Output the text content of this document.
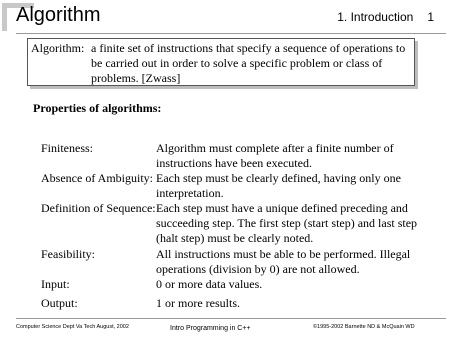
Algorithm	1. Introduction 1
Algorithm: a finite set of instructions that specify a sequence of operations to be carried out in order to solve a specific problem or class of problems. [Zwass]
Properties of algorithms:
Finiteness:	Algorithm must complete after a finite number of instructions have been executed.
Absence of Ambiguity: Each step must be clearly defined, having only one interpretation.
Definition of Sequence: Each step must have a unique defined preceding and succeeding step. The first step (start step) and last step (halt step) must be clearly noted.
Feasibility:	All instructions must be able to be performed. Illegal operations (division by 0) are not allowed.
Input:	0 or more data values.
Output:	1 or more results.
Computer Science Dept Va Tech August, 2002	Intro Programming in C++	©1995-2002 Barnette ND & McQuain WD
